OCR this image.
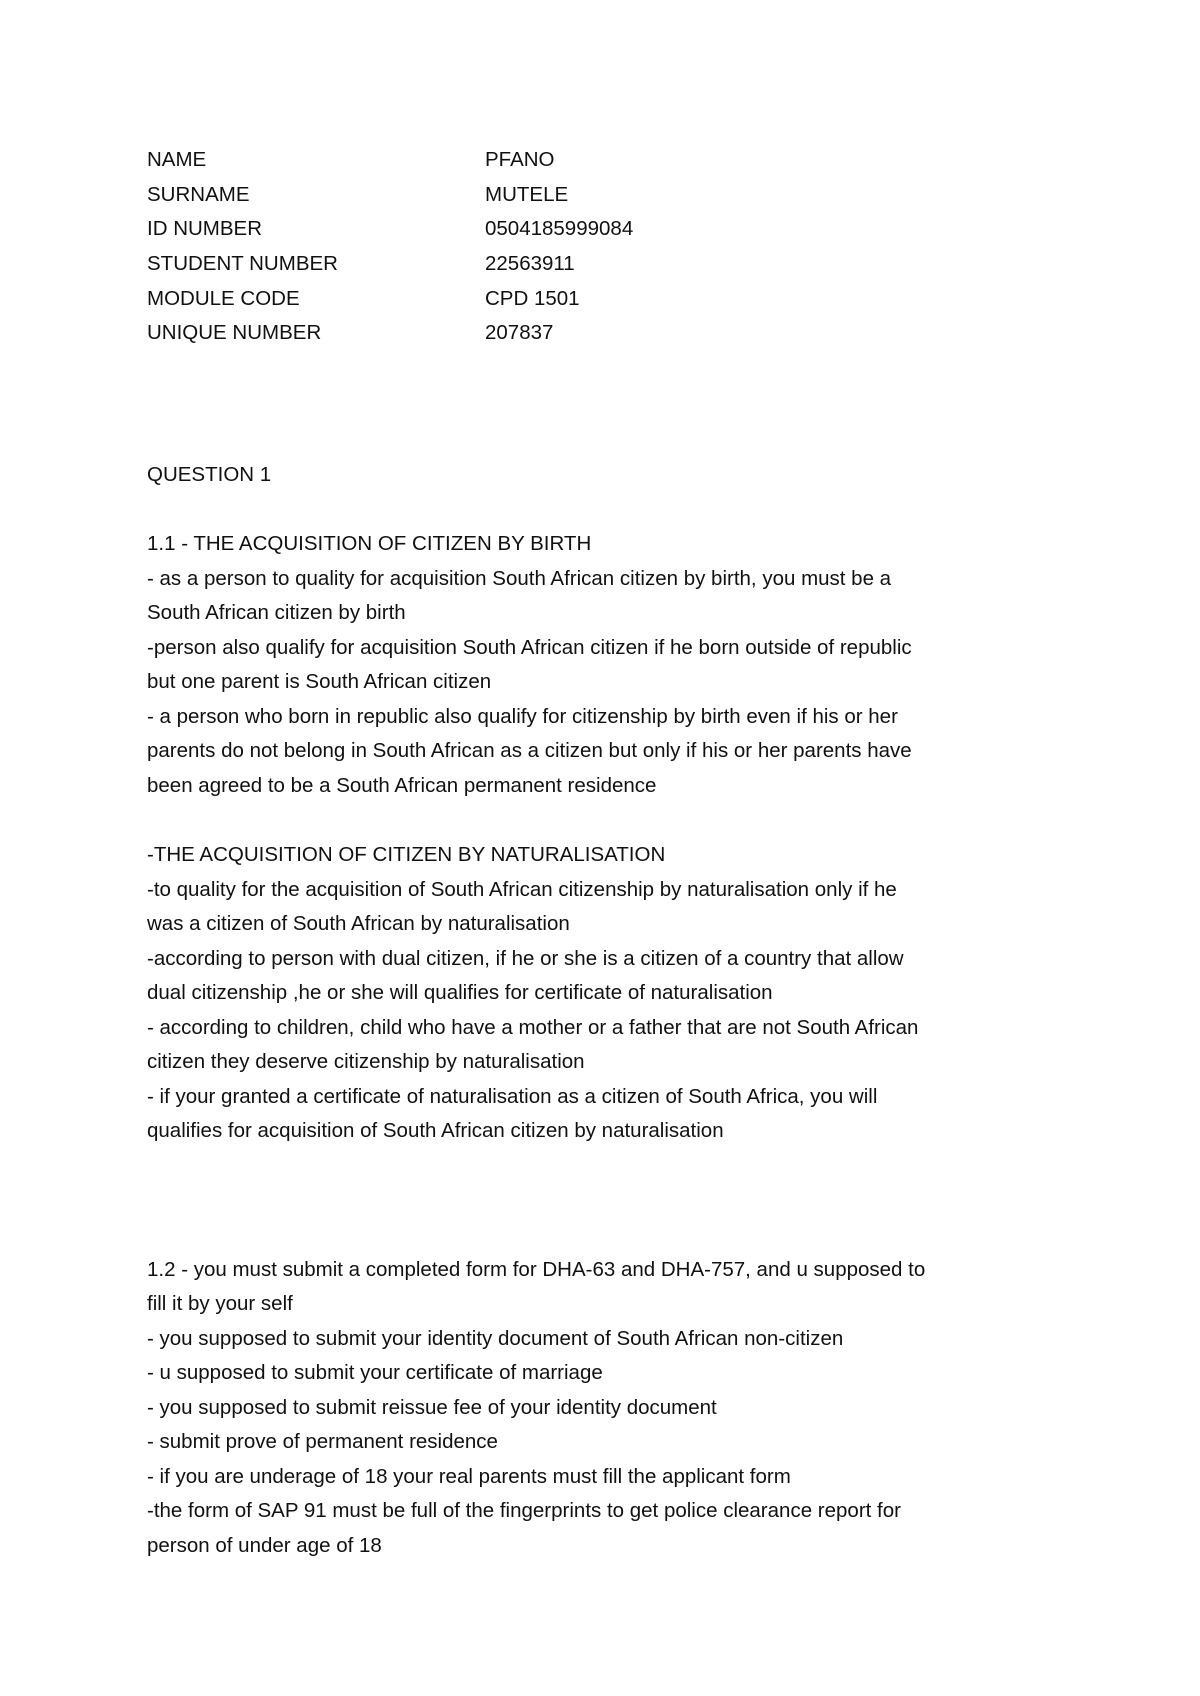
NAME	PFANO
SURNAME	MUTELE
ID NUMBER	0504185999084
STUDENT NUMBER	22563911
MODULE CODE	CPD 1501
UNIQUE NUMBER	207837
QUESTION 1
1.1 - THE ACQUISITION OF CITIZEN BY BIRTH
- as a person to quality for acquisition South African citizen by birth, you must be a
South African citizen by birth
-person also qualify for acquisition South African citizen if he born outside of republic
but one parent is South African citizen
- a person who born in republic also qualify for citizenship by birth even if his or her
parents do not belong in South African as a citizen but only if his or her parents have
been agreed to be a South African permanent residence
-THE ACQUISITION OF CITIZEN BY NATURALISATION
-to quality for the acquisition of South African citizenship by naturalisation only if he
was a citizen of South African by naturalisation
-according to person with dual citizen, if he or she is a citizen of a country that allow
dual citizenship ,he or she will qualifies for certificate of naturalisation
- according to children, child who have a mother or a father that are not South African
citizen they deserve citizenship by naturalisation
- if your granted a certificate of naturalisation as a citizen of South Africa, you will
qualifies for acquisition of South African citizen by naturalisation
1.2 - you must submit a completed form for DHA-63 and DHA-757, and u supposed to
fill it by your self
- you supposed to submit your identity document of South African non-citizen
- u supposed to submit your certificate of marriage
- you supposed to submit reissue fee of your identity document
- submit prove of permanent residence
- if you are underage of 18 your real parents must fill the applicant form
-the form of SAP 91 must be full of the fingerprints to get police clearance report for
person of under age of 18
